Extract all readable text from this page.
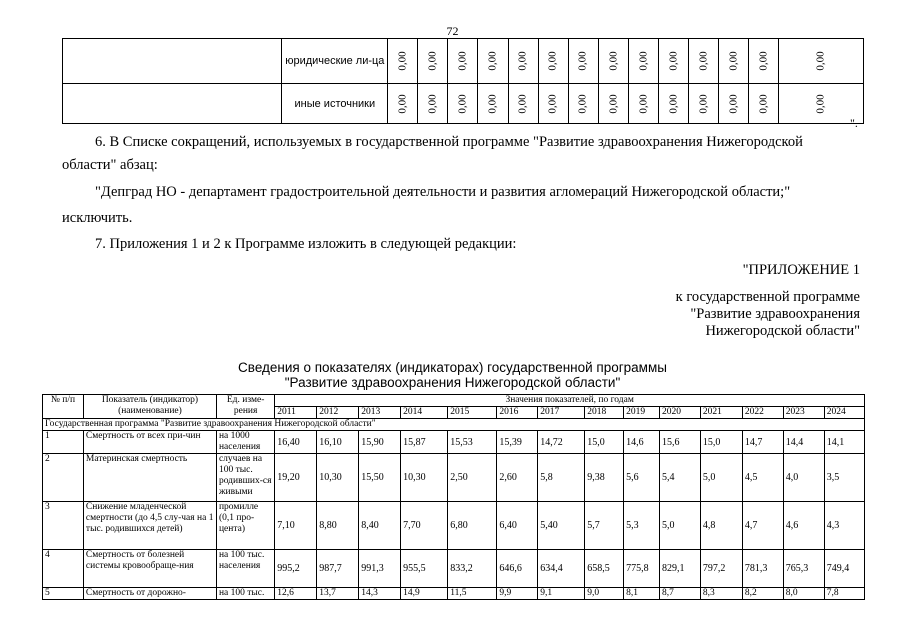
72
	юридические ли-ца	0,00	0,00	0,00	0,00	0,00	0,00	0,00	0,00	0,00	0,00	0,00	0,00	0,00	0,00
	иные источники	0,00	0,00	0,00	0,00	0,00	0,00	0,00	0,00	0,00	0,00	0,00	0,00	0,00	0,00
".
6. В Списке сокращений, используемых в государственной программе "Развитие здравоохранения Нижегородской
области" абзац:
"Депград НО - департамент градостроительной деятельности и развития агломераций Нижегородской области;"
исключить.
7. Приложения 1 и 2 к Программе изложить в следующей редакции:
"ПРИЛОЖЕНИЕ 1
к государственной программе
"Развитие здравоохранения
Нижегородской области"
Сведения о показателях (индикаторах) государственной программы
"Развитие здравоохранения Нижегородской области"
№ п/п	Показатель (индикатор) (наименование)	Ед. изме-рения	Значения показателей, по годам													
			2011	2012	2013	2014	2015	2016	2017	2018	2019	2020	2021	2022	2023	2024
Государственная программа "Развитие здравоохранения Нижегородской области"																
1	Смертность от всех при-чин	на 1000 населения	16,40	16,10	15,90	15,87	15,53	15,39	14,72	15,0	14,6	15,6	15,0	14,7	14,4	14,1
2	Материнская смертность	случаев на 100 тыс. родивших-ся живыми	19,20	10,30	15,50	10,30	2,50	2,60	5,8	9,38	5,6	5,4	5,0	4,5	4,0	3,5
3	Снижение младенческой смертности (до 4,5 слу-чая на 1 тыс. родившихся детей)	промилле (0,1 про-цента)	7,10	8,80	8,40	7,70	6,80	6,40	5,40	5,7	5,3	5,0	4,8	4,7	4,6	4,3
4	Смертность от болезней системы кровообраще-ния	на 100 тыс. населения	995,2	987,7	991,3	955,5	833,2	646,6	634,4	658,5	775,8	829,1	797,2	781,3	765,3	749,4
5	Смертность от дорожно-	на 100 тыс.	12,6	13,7	14,3	14,9	11,5	9,9	9,1	9,0	8,1	8,7	8,3	8,2	8,0	7,8
